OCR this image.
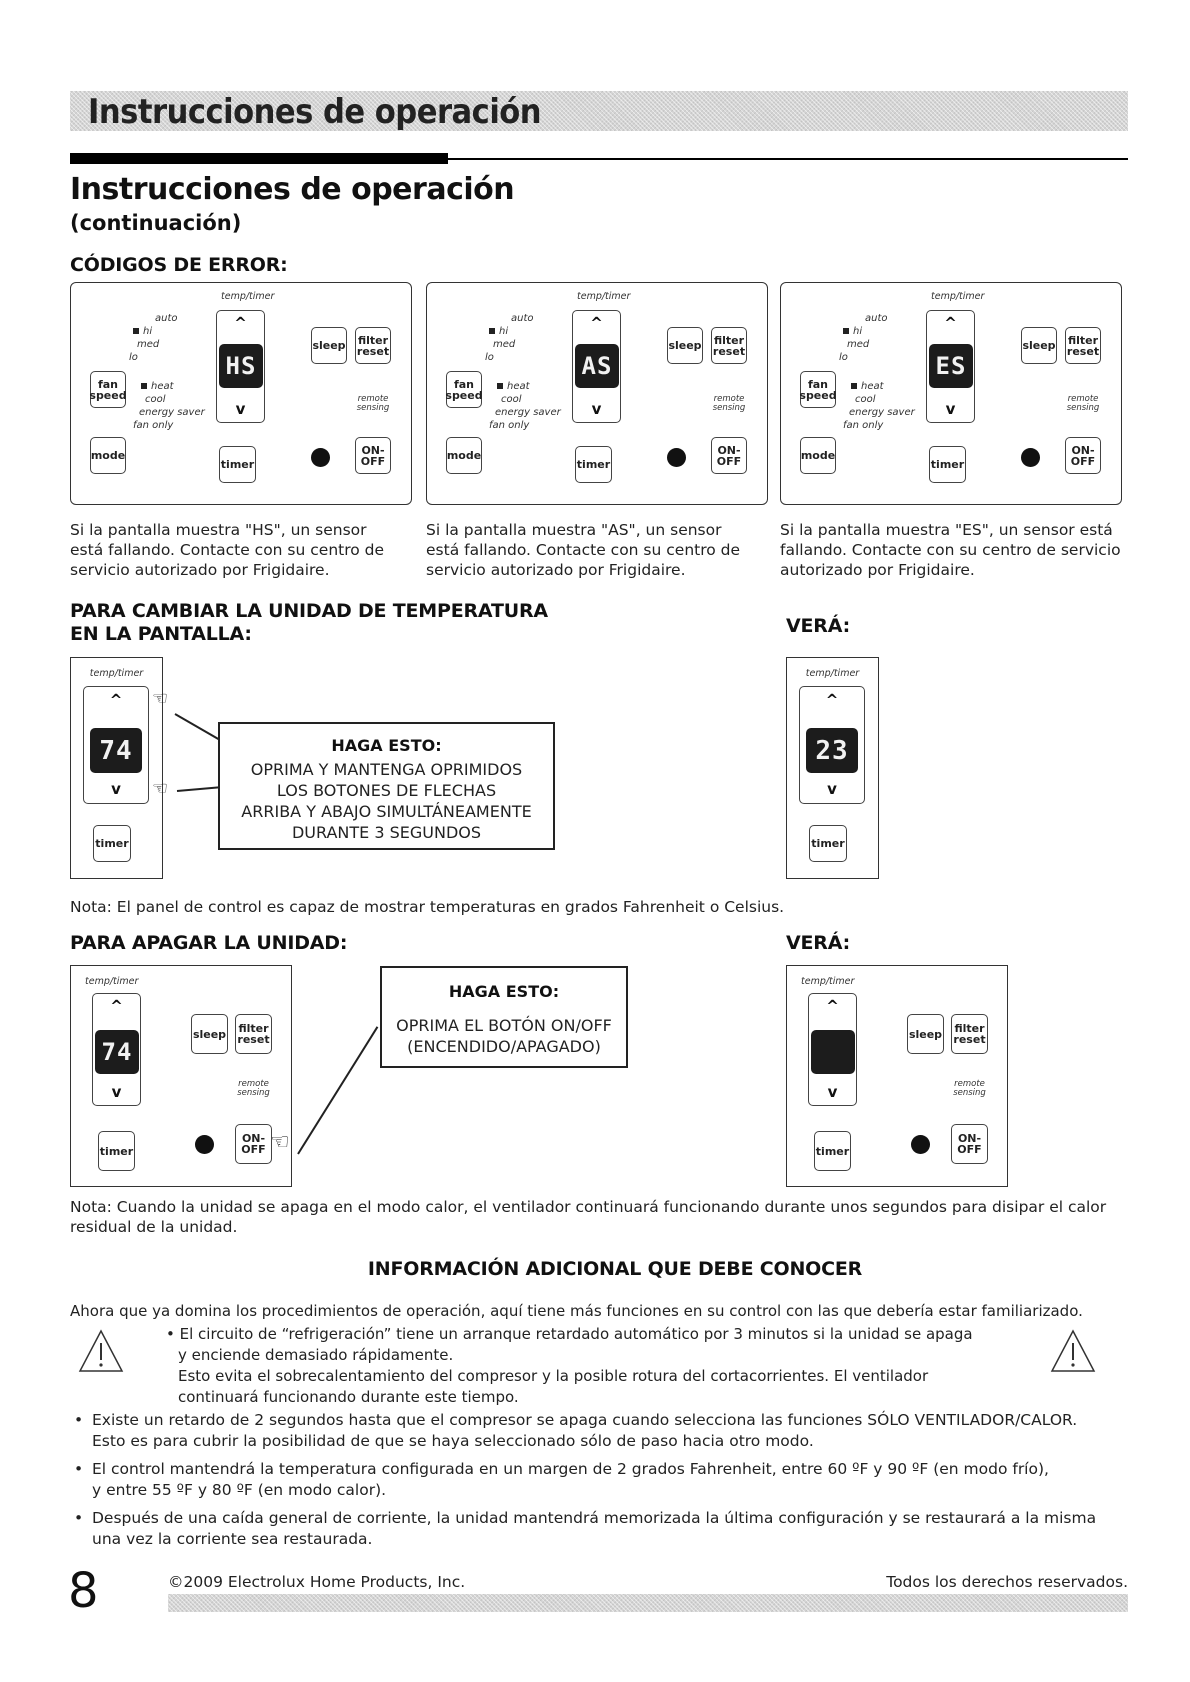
Instrucciones de operación
Instrucciones de operación
(continuación)
CÓDIGOS DE ERROR:
temp/timer
auto
hi
med
lo
fan speed
heat
cool
energy saver
fan only
mode
^
HS
v
timer
sleep filter reset
remote sensing
ON- OFF
Si la pantalla muestra "HS", un sensor está fallando. Contacte con su centro de servicio autorizado por Frigidaire.
temp/timer
auto
hi
med
lo
fan speed
heat
cool
energy saver
fan only
mode
^
AS
v
timer
sleep filter reset
remote sensing
ON- OFF
Si la pantalla muestra "AS", un sensor está fallando. Contacte con su centro de servicio autorizado por Frigidaire.
temp/timer
auto
hi
med
lo
fan speed
heat
cool
energy saver
fan only
mode
^
ES
v
timer
sleep filter reset
remote sensing
ON- OFF
Si la pantalla muestra "ES", un sensor está fallando. Contacte con su centro de servicio autorizado por Frigidaire.
PARA CAMBIAR LA UNIDAD DE TEMPERATURA
EN LA PANTALLA:	VERÁ:
temp/timer
^
74
v
timer
☜
☜
HAGA ESTO:
OPRIMA Y MANTENGA OPRIMIDOS
LOS BOTONES DE FLECHAS
ARRIBA Y ABAJO SIMULTÁNEAMENTE
DURANTE 3 SEGUNDOS
temp/timer
^
23
v
timer
Nota: El panel de control es capaz de mostrar temperaturas en grados Fahrenheit o Celsius.
PARA APAGAR LA UNIDAD:	VERÁ:
temp/timer
^
74
v
timer
sleep	filter reset
remote sensing
ON- OFF
temp/timer
^
v
timer
sleep	filter reset
remote sensing
ON- OFF
☜
HAGA ESTO:
OPRIMA EL BOTÓN ON/OFF
(ENCENDIDO/APAGADO)
Nota: Cuando la unidad se apaga en el modo calor, el ventilador continuará funcionando durante unos segundos para disipar el calor residual de la unidad.
INFORMACIÓN ADICIONAL QUE DEBE CONOCER
Ahora que ya domina los procedimientos de operación, aquí tiene más funciones en su control con las que debería estar familiarizado.
• El circuito de “refrigeración” tiene un arranque retardado automático por 3 minutos si la unidad se apaga
y enciende demasiado rápidamente.
Esto evita el sobrecalentamiento del compresor y la posible rotura del cortacorrientes. El ventilador
continuará funcionando durante este tiempo.
• Existe un retardo de 2 segundos hasta que el compresor se apaga cuando selecciona las funciones SÓLO VENTILADOR/CALOR.
Esto es para cubrir la posibilidad de que se haya seleccionado sólo de paso hacia otro modo.
• El control mantendrá la temperatura configurada en un margen de 2 grados Fahrenheit, entre 60 ºF y 90 ºF (en modo frío),
y entre 55 ºF y 80 ºF (en modo calor).
• Después de una caída general de corriente, la unidad mantendrá memorizada la última configuración y se restaurará a la misma
una vez la corriente sea restaurada.
8	©2009 Electrolux Home Products, Inc.	Todos los derechos reservados.
